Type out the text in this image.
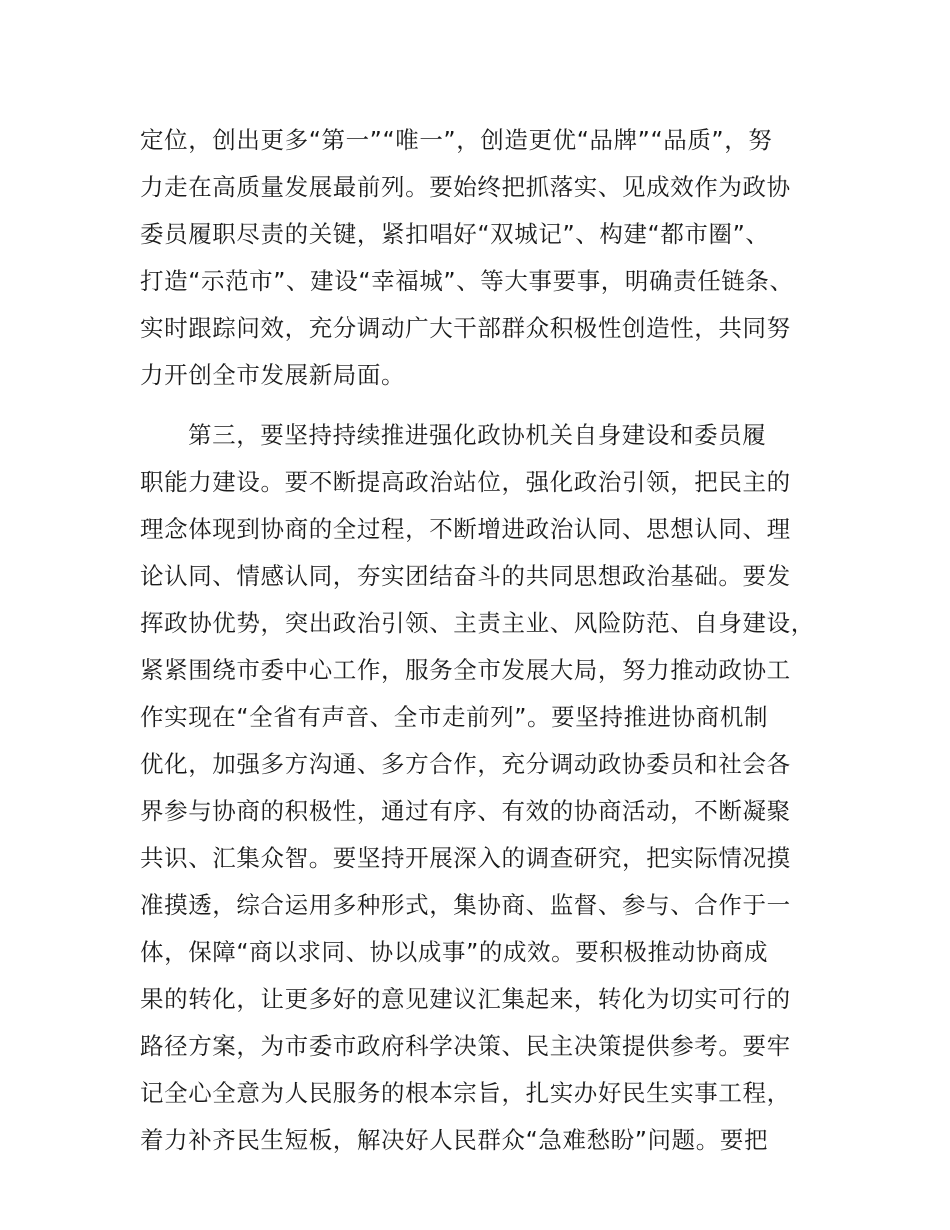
定位，创出更多“第一”“唯一”，创造更优“品牌”“品质”，努
力走在高质量发展最前列。要始终把抓落实、见成效作为政协
委员履职尽责的关键，紧扣唱好“双城记”、构建“都市圈”、
打造“示范市”、建设“幸福城”、等大事要事，明确责任链条、
实时跟踪问效，充分调动广大干部群众积极性创造性，共同努
力开创全市发展新局面。
第三，要坚持持续推进强化政协机关自身建设和委员履
职能力建设。要不断提高政治站位，强化政治引领，把民主的
理念体现到协商的全过程，不断增进政治认同、思想认同、理
论认同、情感认同，夯实团结奋斗的共同思想政治基础。要发
挥政协优势，突出政治引领、主责主业、风险防范、自身建设，
紧紧围绕市委中心工作，服务全市发展大局，努力推动政协工
作实现在“全省有声音、全市走前列”。要坚持推进协商机制
优化，加强多方沟通、多方合作，充分调动政协委员和社会各
界参与协商的积极性，通过有序、有效的协商活动，不断凝聚
共识、汇集众智。要坚持开展深入的调查研究，把实际情况摸
准摸透，综合运用多种形式，集协商、监督、参与、合作于一
体，保障“商以求同、协以成事”的成效。要积极推动协商成
果的转化，让更多好的意见建议汇集起来，转化为切实可行的
路径方案，为市委市政府科学决策、民主决策提供参考。要牢
记全心全意为人民服务的根本宗旨，扎实办好民生实事工程，
着力补齐民生短板，解决好人民群众“急难愁盼”问题。要把
